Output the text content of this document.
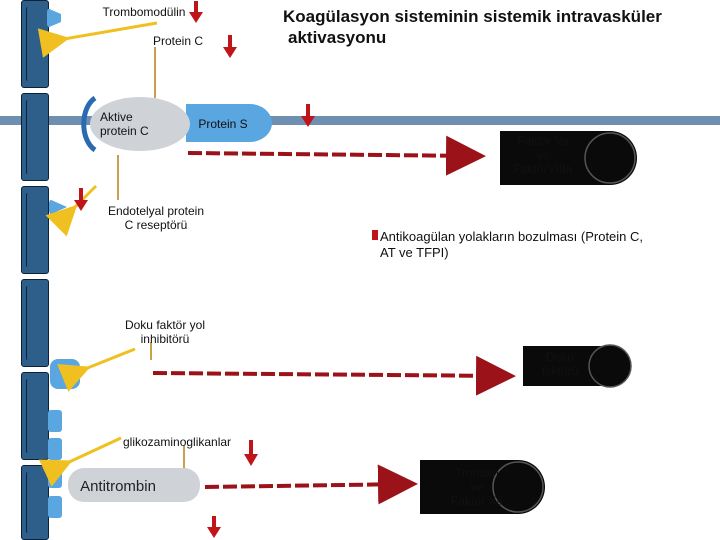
Koagülasyon sisteminin sistemik intravasküler
aktivasyonu
Trombomodülin
Protein C
Aktive
protein C	Protein S
Endotelyal protein
C reseptörü
Doku faktör yol
inhibitörü
glikozaminoglikanlar
Antitrombin
Faktör Va
ve
FaktörVIIIa
Doku
faktörü
Trombin
ve
Faktör Xa
Antikoagülan yolakların bozulması (Protein C,
AT ve TFPI)
